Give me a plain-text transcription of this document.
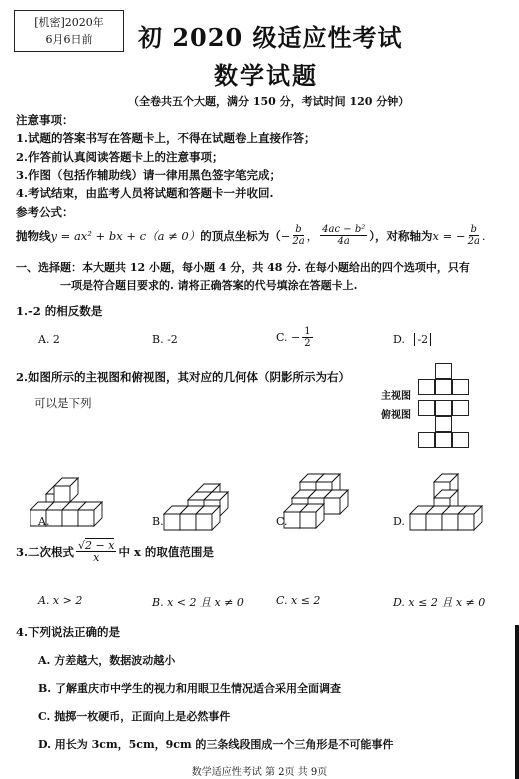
[机密]2020年
6月6日前	初 2020 级适应性考试
数学试题
（全卷共五个大题，满分 150 分，考试时间 120 分钟）
注意事项：
1.试题的答案书写在答题卡上，不得在试题卷上直接作答；
2.作答前认真阅读答题卡上的注意事项；
3.作图（包括作辅助线）请一律用黑色签字笔完成；
4.考试结束，由监考人员将试题和答题卡一并收回.
参考公式：
抛物线 y = ax² + bx + c（a ≠ 0） 的顶点坐标为（ − $\frac{b}{2a}$ ， $\frac{\text{4ac − b²}}{4a}$ ），对称轴为 x = − $\frac{b}{2a}$ .
一、选择题：本大题共 12 小题，每小题 4 分，共 48 分. 在每小题给出的四个选项中，只有
一项是符合题目要求的. 请将正确答案的代号填涂在答题卡上.
1.-2 的相反数是
A. 2	B. -2	C. − $\frac{1}{2}$	D. -2
2.如图所示的主视图和俯视图，其对应的几何体（阴影所示为右）
可以是下列	主视图
俯视图
A.	B.	C.	D.
3.二次根式 $\frac{√2 - x}{x}$ 中 x 的取值范围是
A. x > 2	B. x < 2 且 x ≠ 0	C. x ≤ 2	D. x ≤ 2 且 x ≠ 0
4.下列说法正确的是
A. 方差越大，数据波动越小
B. 了解重庆市中学生的视力和用眼卫生情况适合采用全面调查
C. 抛掷一枚硬币，正面向上是必然事件
D. 用长为 3cm，5cm，9cm 的三条线段围成一个三角形是不可能事件
数学适应性考试 第 2页 共 9页
